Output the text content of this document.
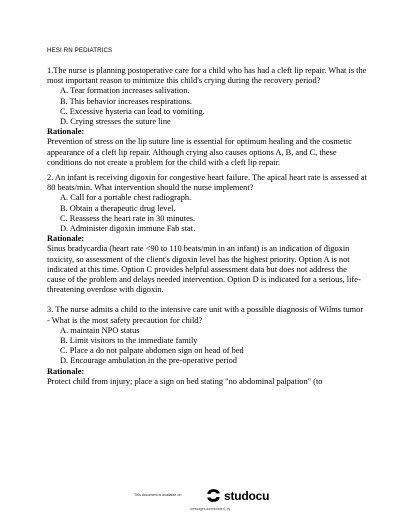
HESI RN PEDIATRICS

1.The nurse is planning postoperative care for a child who has had a cleft lip repair. What is the most important reason to minimize this child's crying during the recovery period?

A. Tear formation increases salivation.
B. This behavior increases respirations.
C. Excessive hysteria can lead to vomiting.
D. Crying stresses the suture line

Rationale:

Prevention of stress on the lip suture line is essential for optimum healing and the cosmetic appearance of a cleft lip repair. Although crying also causes options A, B, and C, these conditions do not create a problem for the child with a cleft lip repair.

2. An infant is receiving digoxin for congestive heart failure. The apical heart rate is assessed at 80 beats/min. What intervention should the nurse implement?

A. Call for a portable chest radiograph.
B. Obtain a therapeutic drug level.
C. Reassess the heart rate in 30 minutes.
D. Administer digoxin immune Fab stat.

Rationale:

Sinus bradycardia (heart rate <90 to 110 beats/min in an infant) is an indication of digoxin toxicity, so assessment of the client's digoxin level has the highest priority. Option A is not indicated at this time. Option C provides helpful assessment data but does not address the cause of the problem and delays needed intervention. Option D is indicated for a serious, life-threatening overdose with digoxin.

3. The nurse admits a child to the intensive care unit with a possible diagnosis of Wilms tumor - What is the most safety precaution for child?

A. maintain NPO status
B. Limit visitors to the immediate family
C. Place a do not palpate abdomen sign on head of bed
D. Encourage ambulation in the pre-operative period

Rationale:

Protect child from injury; place a sign on bed stating "no abdominal palpation" (to

This document is available on	studocu
messages.downloaded_by
